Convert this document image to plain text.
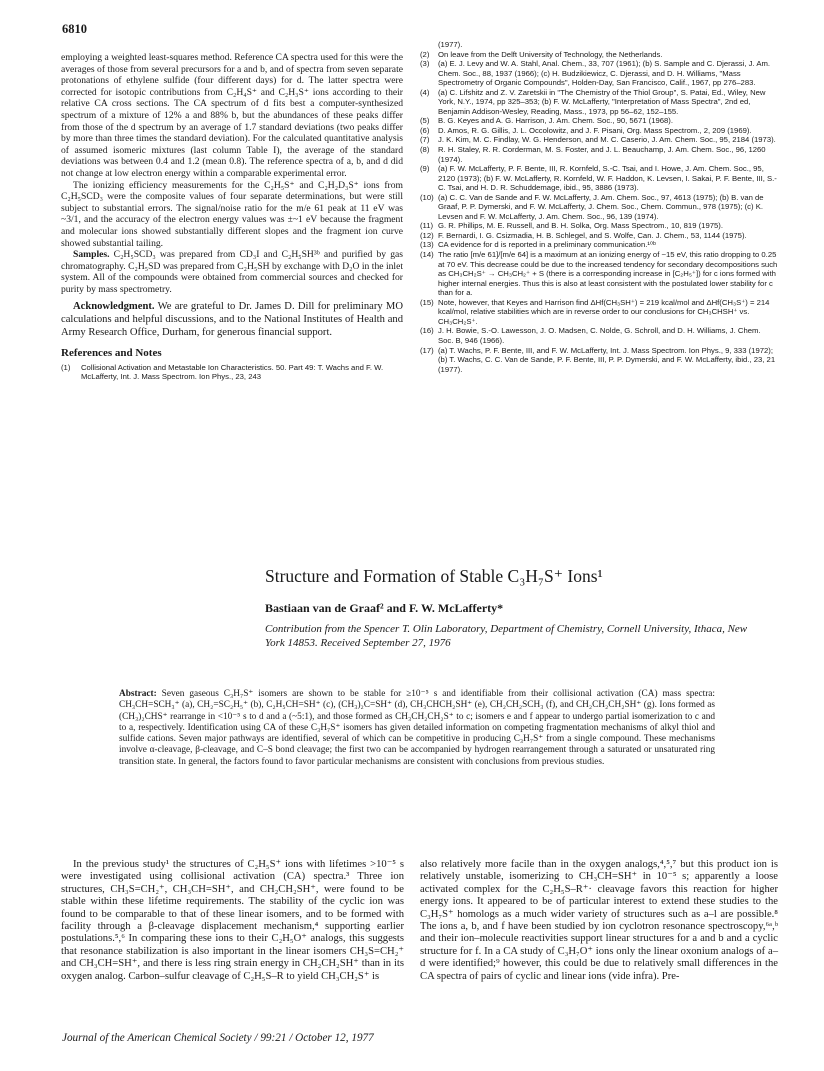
6810

employing a weighted least-squares method. Reference CA spectra used for this were the averages of those from several precursors for a and b, and of spectra from seven separate protonations of ethylene sulfide (four different days) for d. The latter spectra were corrected for isotopic contributions from C₂H₄S⁺ and C₂H₃S⁺ ions according to their relative CA cross sections. The CA spectrum of d fits best a computer-synthesized spectrum of a mixture of 12% a and 88% b, but the abundances of these peaks differ from those of the d spectrum by an average of 1.7 standard deviations (two peaks differ by more than three times the standard deviation). For the calculated quantitative analysis of assumed isomeric mixtures (last column Table I), the average of the standard deviations was between 0.4 and 1.2 (mean 0.8). The reference spectra of a, b, and d did not change at low electron energy within a comparable experimental error.

The ionizing efficiency measurements for the C₂H₅S⁺ and C₂H₂D₃S⁺ ions from C₂H₅SCD₃ were the composite values of four separate determinations, but were still subject to substantial errors. The signal/noise ratio for the m/e 61 peak at 11 eV was ~3/1, and the accuracy of the electron energy values was ±~1 eV because the fragment and molecular ions showed substantially different slopes and the fragment ion curve showed substantial tailing.

Samples. C₂H₅SCD₃ was prepared from CD₃I and C₂H₅SH³ᵇ and purified by gas chromatography. C₂H₅SD was prepared from C₂H₅SH by exchange with D₂O in the inlet system. All of the compounds were obtained from commercial sources and checked for purity by mass spectrometry.

Acknowledgment. We are grateful to Dr. James D. Dill for preliminary MO calculations and helpful discussions, and to the National Institutes of Health and Army Research Office, Durham, for generous financial support.

References and Notes
(1) Collisional Activation and Metastable Ion Characteristics. 50. Part 49: T. Wachs and F. W. McLafferty, Int. J. Mass Spectrom. Ion Phys., 23, 243
(1977).
(2) On leave from the Delft University of Technology, the Netherlands.
(3) (a) E. J. Levy and W. A. Stahl, Anal. Chem., 33, 707 (1961); (b) S. Sample and C. Djerassi, J. Am. Chem. Soc., 88, 1937 (1966); (c) H. Budzikiewicz, C. Djerassi, and D. H. Williams, "Mass Spectrometry of Organic Compounds", Holden-Day, San Francisco, Calif., 1967, pp 276–283.
(4) (a) C. Lifshitz and Z. V. Zaretskii in "The Chemistry of the Thiol Group", S. Patai, Ed., Wiley, New York, N.Y., 1974, pp 325–353; (b) F. W. McLafferty, "Interpretation of Mass Spectra", 2nd ed, Benjamin Addison-Wesley, Reading, Mass., 1973, pp 56–62, 152–155.
(5) B. G. Keyes and A. G. Harrison, J. Am. Chem. Soc., 90, 5671 (1968).
(6) D. Amos, R. G. Gillis, J. L. Occolowitz, and J. F. Pisani, Org. Mass Spectrom., 2, 209 (1969).
(7) J. K. Kim, M. C. Findlay, W. G. Henderson, and M. C. Caserio, J. Am. Chem. Soc., 95, 2184 (1973).
(8) R. H. Staley, R. R. Corderman, M. S. Foster, and J. L. Beauchamp, J. Am. Chem. Soc., 96, 1260 (1974).
(9) (a) F. W. McLafferty, P. F. Bente, III, R. Kornfeld, S.-C. Tsai, and I. Howe, J. Am. Chem. Soc., 95, 2120 (1973); (b) F. W. McLafferty, R. Kornfeld, W. F. Haddon, K. Levsen, I. Sakai, P. F. Bente, III, S.-C. Tsai, and H. D. R. Schuddemage, ibid., 95, 3886 (1973).
(10) (a) C. C. Van de Sande and F. W. McLafferty, J. Am. Chem. Soc., 97, 4613 (1975); (b) B. van de Graaf, P. P. Dymerski, and F. W. McLafferty, J. Chem. Soc., Chem. Commun., 978 (1975); (c) K. Levsen and F. W. McLafferty, J. Am. Chem. Soc., 96, 139 (1974).
(11) G. R. Phillips, M. E. Russell, and B. H. Solka, Org. Mass Spectrom., 10, 819 (1975).
(12) F. Bernardi, I. G. Csizmadia, H. B. Schlegel, and S. Wolfe, Can. J. Chem., 53, 1144 (1975).
(13) CA evidence for d is reported in a preliminary communication.¹⁰ᵇ
(14) The ratio [m/e 61]/[m/e 64] is a maximum at an ionizing energy of ~15 eV, this ratio dropping to 0.25 at 70 eV. This decrease could be due to the increased tendency for secondary decompositions such as CH₃CH₂S⁺ → CH₃CH₂⁺ + S (there is a corresponding increase in [C₂H₅⁺]) for c ions formed with higher internal energies. Thus this is also at least consistent with the postulated lower stability for c than for a.
(15) Note, however, that Keyes and Harrison find ΔHf(CH₃SH⁺) = 219 kcal/mol and ΔHf(CH₃S⁺) = 214 kcal/mol, relative stabilities which are in reverse order to our conclusions for CH₃CHSH⁺ vs. CH₃CH₂S⁺.
(16) J. H. Bowie, S.-O. Lawesson, J. O. Madsen, C. Nolde, G. Schroll, and D. H. Williams, J. Chem. Soc. B, 946 (1966).
(17) (a) T. Wachs, P. F. Bente, III, and F. W. McLafferty, Int. J. Mass Spectrom. Ion Phys., 9, 333 (1972); (b) T. Wachs, C. C. Van de Sande, P. F. Bente, III, P. P. Dymerski, and F. W. McLafferty, ibid., 23, 21 (1977).
Structure and Formation of Stable C₃H₇S⁺ Ions¹
Bastiaan van de Graaf² and F. W. McLafferty*
Contribution from the Spencer T. Olin Laboratory, Department of Chemistry, Cornell University, Ithaca, New York 14853. Received September 27, 1976
Abstract: Seven gaseous C₃H₇S⁺ isomers are shown to be stable for ≥10⁻⁵ s and identifiable from their collisional activation (CA) mass spectra: CH₃CH=SCH₃⁺ (a), CH₂=SC₂H₅⁺ (b), C₂H₅CH=SH⁺ (c), (CH₃)₂C=SH⁺ (d), CH₃CHCH₂SH⁺ (e), CH₂CH₂SCH₃ (f), and CH₂CH₂CH₂SH⁺ (g). Ions formed as (CH₃)₂CHS⁺ rearrange in <10⁻⁵ s to d and a (~5:1), and those formed as CH₃CH₂CH₂S⁺ to c; isomers e and f appear to undergo partial isomerization to c and to a, respectively. Identification using CA of these C₃H₇S⁺ isomers has given detailed information on competing fragmentation mechanisms of alkyl thiol and sulfide cations. Seven major pathways are identified, several of which can be competitive in producing C₃H₇S⁺ from a single compound. These mechanisms involve α-cleavage, β-cleavage, and C–S bond cleavage; the first two can be accompanied by hydrogen rearrangement through a saturated or unsaturated ring transition state. In general, the factors found to favor particular mechanisms are consistent with conclusions from previous studies.

In the previous study¹ the structures of C₂H₅S⁺ ions with lifetimes >10⁻⁵ s were investigated using collisional activation (CA) spectra.³ Three ion structures, CH₃S=CH₂⁺, CH₃CH=SH⁺, and CH₂CH₂SH⁺, were found to be stable within these lifetime requirements. The stability of the cyclic ion was found to be comparable to that of these linear isomers, and to be formed with facility through a β-cleavage displacement mechanism,⁴ supporting earlier postulations.⁵,⁶ In comparing these ions to their C₂H₅O⁺ analogs, this suggests that resonance stabilization is also important in the linear isomers CH₃S=CH₂⁺ and CH₃CH=SH⁺, and there is less ring strain energy in CH₂CH₂SH⁺ than in its oxygen analog. Carbon–sulfur cleavage of C₂H₅S–R to yield CH₃CH₂S⁺ is

also relatively more facile than in the oxygen analogs,⁴,⁵,⁷ but this product ion is relatively unstable, isomerizing to CH₃CH=SH⁺ in 10⁻⁵ s; apparently a loose activated complex for the C₂H₅S–R⁺· cleavage favors this reaction for higher energy ions. It appeared to be of particular interest to extend these studies to the C₃H₇S⁺ homologs as a much wider variety of structures such as a–l are possible.⁸ The ions a, b, and f have been studied by ion cyclotron resonance spectroscopy,⁶ᵃ,ᵇ and their ion–molecule reactivities support linear structures for a and b and a cyclic structure for f. In a CA study of C₃H₇O⁺ ions only the linear oxonium analogs of a–d were identified;⁹ however, this could be due to relatively small differences in the CA spectra of pairs of cyclic and linear ions (vide infra). Pre-

Journal of the American Chemical Society / 99:21 / October 12, 1977
